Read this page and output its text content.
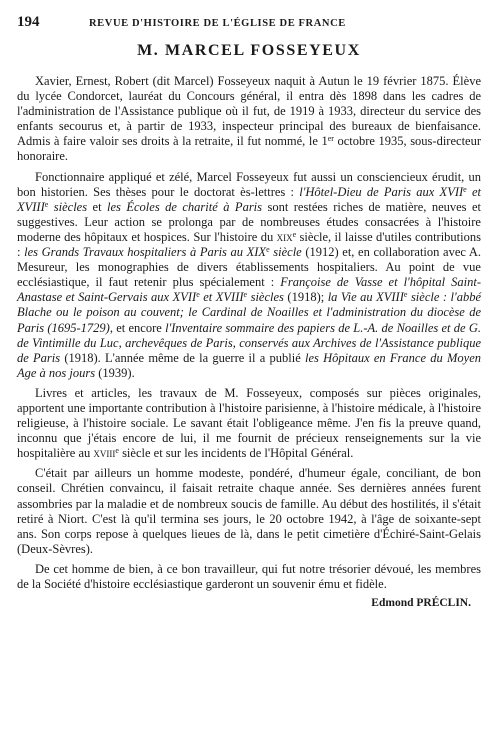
194	REVUE D'HISTOIRE DE L'ÉGLISE DE FRANCE
M. MARCEL FOSSEYEUX

Xavier, Ernest, Robert (dit Marcel) Fosseyeux naquit à Autun le 19 février 1875. Élève du lycée Condorcet, lauréat du Concours général, il entra dès 1898 dans les cadres de l'administration de l'Assistance publique où il fut, de 1919 à 1933, directeur du service des enfants secourus et, à partir de 1933, inspecteur principal des bureaux de bienfaisance. Admis à faire valoir ses droits à la retraite, il fut nommé, le 1er octobre 1935, sous-directeur honoraire.

Fonctionnaire appliqué et zélé, Marcel Fosseyeux fut aussi un consciencieux érudit, un bon historien. Ses thèses pour le doctorat ès-lettres : l'Hôtel-Dieu de Paris aux XVIIe et XVIIIe siècles et les Écoles de charité à Paris sont restées riches de matière, neuves et suggestives. Leur action se prolonga par de nombreuses études consacrées à l'histoire moderne des hôpitaux et hospices. Sur l'histoire du xix$^e$ siècle, il laisse d'utiles contributions : les Grands Travaux hospitaliers à Paris au XIXe siècle (1912) et, en collaboration avec A. Mesureur, les monographies de divers établissements hospitaliers. Au point de vue ecclésiastique, il faut retenir plus spécialement : Françoise de Vasse et l'hôpital Saint-Anastase et Saint-Gervais aux XVIIe et XVIIIe siècles (1918); la Vie au XVIIIe siècle : l'abbé Blache ou le poison au couvent; le Cardinal de Noailles et l'administration du diocèse de Paris (1695-1729), et encore l'Inventaire sommaire des papiers de L.-A. de Noailles et de G. de Vintimille du Luc, archevêques de Paris, conservés aux Archives de l'Assistance publique de Paris (1918). L'année même de la guerre il a publié les Hôpitaux en France du Moyen Age à nos jours (1939).

Livres et articles, les travaux de M. Fosseyeux, composés sur pièces originales, apportent une importante contribution à l'histoire parisienne, à l'histoire médicale, à l'histoire religieuse, à l'histoire sociale. Le savant était l'obligeance même. J'en fis la preuve quand, inconnu que j'étais encore de lui, il me fournit de précieux renseignements sur la vie hospitalière au xviii$^e$ siècle et sur les incidents de l'Hôpital Général.

C'était par ailleurs un homme modeste, pondéré, d'humeur égale, conciliant, de bon conseil. Chrétien convaincu, il faisait retraite chaque année. Ses dernières années furent assombries par la maladie et de nombreux soucis de famille. Au début des hostilités, il s'était retiré à Niort. C'est là qu'il termina ses jours, le 20 octobre 1942, à l'âge de soixante-sept ans. Son corps repose à quelques lieues de là, dans le petit cimetière d'Échiré-Saint-Gelais (Deux-Sèvres).

De cet homme de bien, à ce bon travailleur, qui fut notre trésorier dévoué, les membres de la Société d'histoire ecclésiastique garderont un souvenir ému et fidèle.

Edmond PRÉCLIN.
